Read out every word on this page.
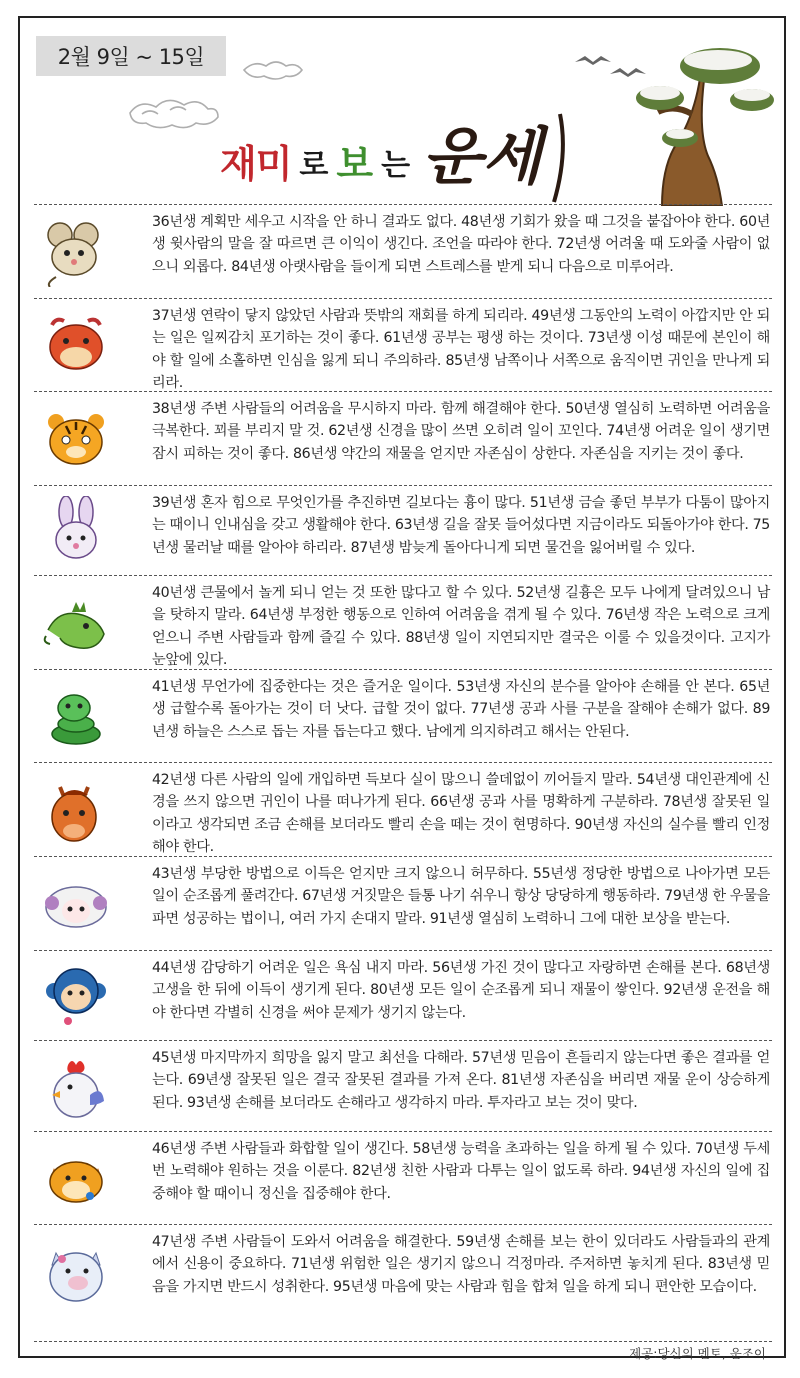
2월 9일 ~ 15일
재미 로 보 는 운세

36년생 계획만 세우고 시작을 안 하니 결과도 없다. 48년생 기회가 왔을 때 그것을 붙잡아야 한다. 60년생 윗사람의 말을 잘 따르면 큰 이익이 생긴다. 조언을 따라야 한다. 72년생 어려울 때 도와줄 사람이 없으니 외롭다. 84년생 아랫사람을 들이게 되면 스트레스를 받게 되니 다음으로 미루어라.

37년생 연락이 닿지 않았던 사람과 뜻밖의 재회를 하게 되리라. 49년생 그동안의 노력이 아깝지만 안 되는 일은 일찌감치 포기하는 것이 좋다. 61년생 공부는 평생 하는 것이다. 73년생 이성 때문에 본인이 해야 할 일에 소홀하면 인심을 잃게 되니 주의하라. 85년생 남쪽이나 서쪽으로 움직이면 귀인을 만나게 되리라.

38년생 주변 사람들의 어려움을 무시하지 마라. 함께 해결해야 한다. 50년생 열심히 노력하면 어려움을 극복한다. 꾀를 부리지 말 것. 62년생 신경을 많이 쓰면 오히려 일이 꼬인다. 74년생 어려운 일이 생기면 잠시 피하는 것이 좋다. 86년생 약간의 재물을 얻지만 자존심이 상한다. 자존심을 지키는 것이 좋다.

39년생 혼자 힘으로 무엇인가를 추진하면 길보다는 흉이 많다. 51년생 금슬 좋던 부부가 다툼이 많아지는 때이니 인내심을 갖고 생활해야 한다. 63년생 길을 잘못 들어섰다면 지금이라도 되돌아가야 한다. 75년생 물러날 때를 알아야 하리라. 87년생 밤늦게 돌아다니게 되면 물건을 잃어버릴 수 있다.

40년생 큰물에서 놀게 되니 얻는 것 또한 많다고 할 수 있다. 52년생 길흉은 모두 나에게 달려있으니 남을 탓하지 말라. 64년생 부정한 행동으로 인하여 어려움을 겪게 될 수 있다. 76년생 작은 노력으로 크게 얻으니 주변 사람들과 함께 즐길 수 있다. 88년생 일이 지연되지만 결국은 이룰 수 있을것이다. 고지가 눈앞에 있다.

41년생 무언가에 집중한다는 것은 즐거운 일이다. 53년생 자신의 분수를 알아야 손해를 안 본다. 65년생 급할수록 돌아가는 것이 더 낫다. 급할 것이 없다. 77년생 공과 사를 구분을 잘해야 손해가 없다. 89년생 하늘은 스스로 돕는 자를 돕는다고 했다. 남에게 의지하려고 해서는 안된다.

42년생 다른 사람의 일에 개입하면 득보다 실이 많으니 쓸데없이 끼어들지 말라. 54년생 대인관계에 신경을 쓰지 않으면 귀인이 나를 떠나가게 된다. 66년생 공과 사를 명확하게 구분하라. 78년생 잘못된 일이라고 생각되면 조금 손해를 보더라도 빨리 손을 떼는 것이 현명하다. 90년생 자신의 실수를 빨리 인정해야 한다.

43년생 부당한 방법으로 이득은 얻지만 크지 않으니 허무하다. 55년생 정당한 방법으로 나아가면 모든 일이 순조롭게 풀려간다. 67년생 거짓말은 들통 나기 쉬우니 항상 당당하게 행동하라. 79년생 한 우물을 파면 성공하는 법이니, 여러 가지 손대지 말라. 91년생 열심히 노력하니 그에 대한 보상을 받는다.

44년생 감당하기 어려운 일은 욕심 내지 마라. 56년생 가진 것이 많다고 자랑하면 손해를 본다. 68년생 고생을 한 뒤에 이득이 생기게 된다. 80년생 모든 일이 순조롭게 되니 재물이 쌓인다. 92년생 운전을 해야 한다면 각별히 신경을 써야 문제가 생기지 않는다.

45년생 마지막까지 희망을 잃지 말고 최선을 다해라. 57년생 믿음이 흔들리지 않는다면 좋은 결과를 얻는다. 69년생 잘못된 일은 결국 잘못된 결과를 가져 온다. 81년생 자존심을 버리면 재물 운이 상승하게 된다. 93년생 손해를 보더라도 손해라고 생각하지 마라. 투자라고 보는 것이 맞다.

46년생 주변 사람들과 화합할 일이 생긴다. 58년생 능력을 초과하는 일을 하게 될 수 있다. 70년생 두세 번 노력해야 원하는 것을 이룬다. 82년생 친한 사람과 다투는 일이 없도록 하라. 94년생 자신의 일에 집중해야 할 때이니 정신을 집중해야 한다.

47년생 주변 사람들이 도와서 어려움을 해결한다. 59년생 손해를 보는 한이 있더라도 사람들과의 관계에서 신용이 중요하다. 71년생 위험한 일은 생기지 않으니 걱정마라. 주저하면 놓치게 된다. 83년생 믿음을 가지면 반드시 성취한다. 95년생 마음에 맞는 사람과 힘을 합쳐 일을 하게 되니 편안한 모습이다.

제공:당신의 멘토, 운조이
